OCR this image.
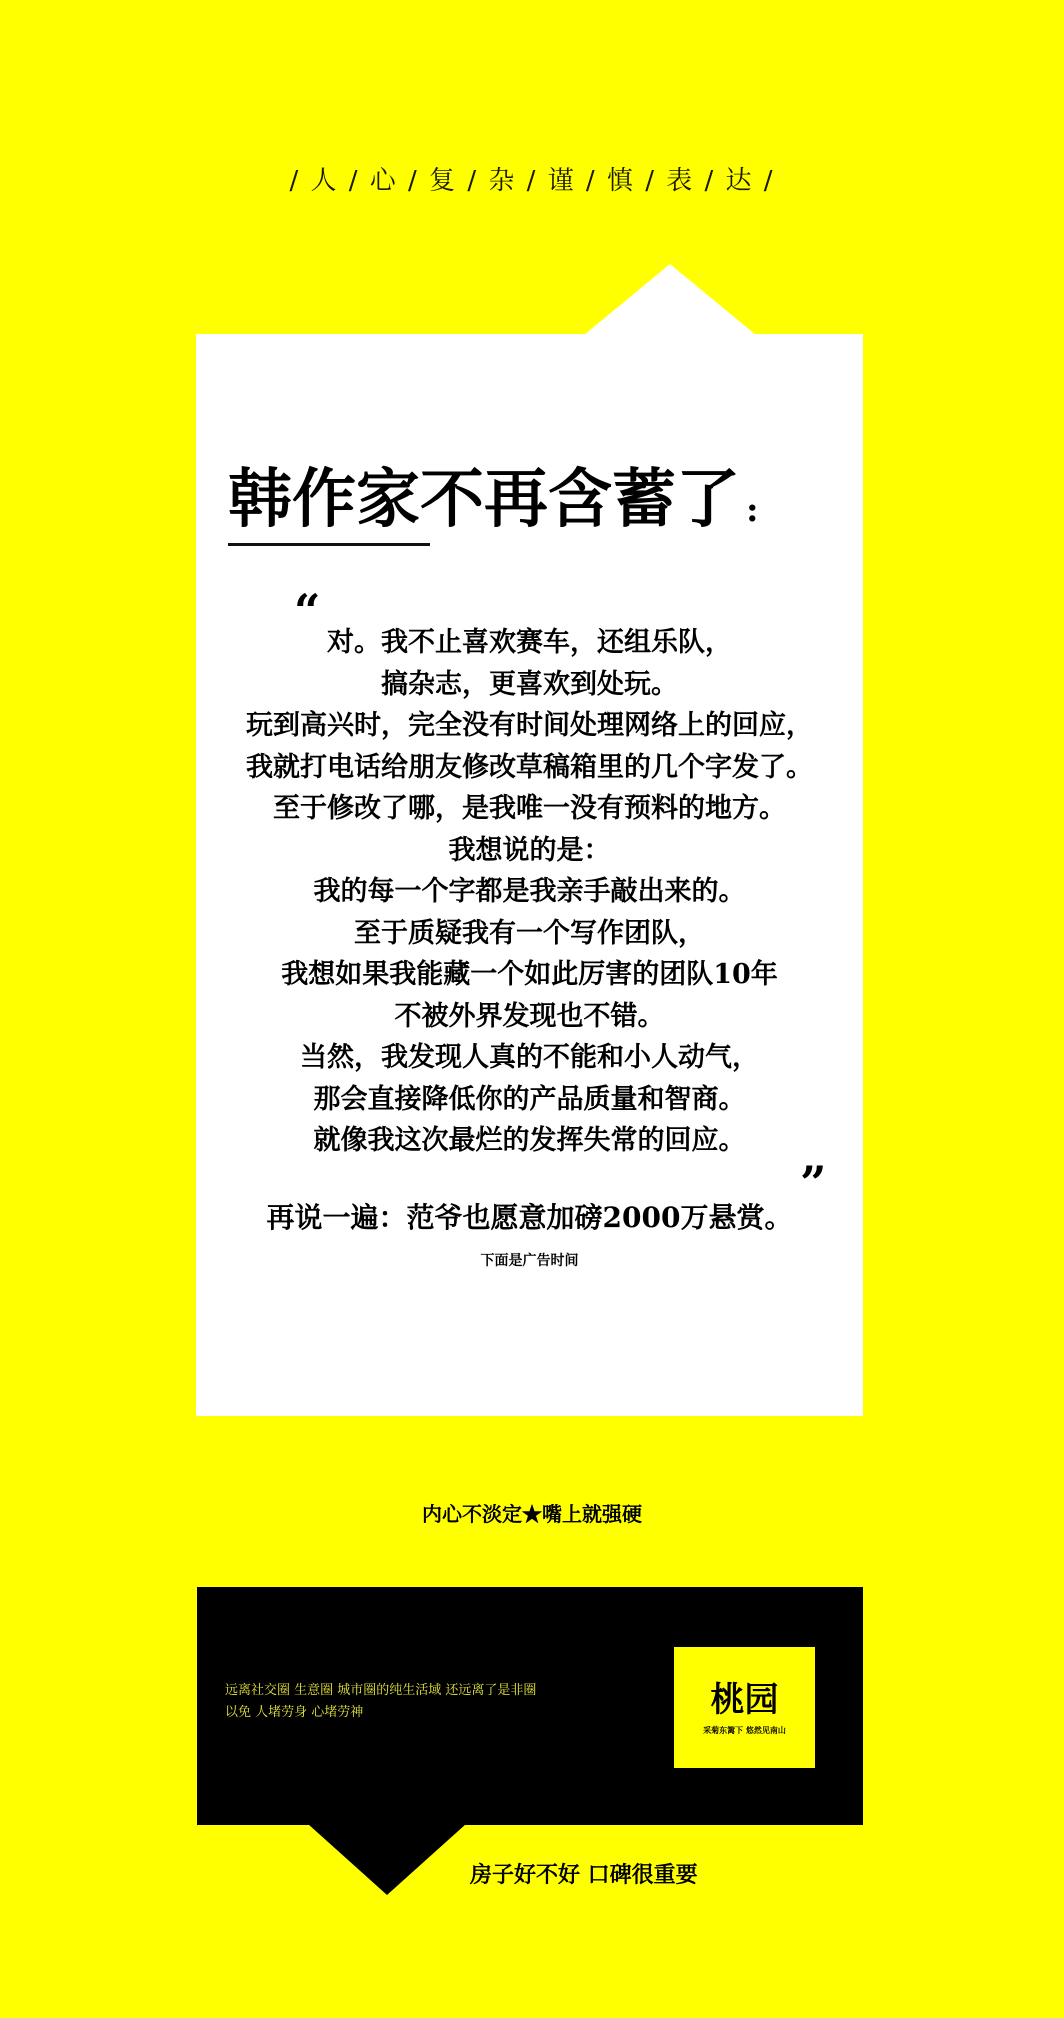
/ 人 / 心 / 复 / 杂 / 谨 / 慎 / 表 / 达 /
韩作家不再含蓄了 :
“
对。我不止喜欢赛车，还组乐队，
搞杂志，更喜欢到处玩。
玩到高兴时，完全没有时间处理网络上的回应，
我就打电话给朋友修改草稿箱里的几个字发了。
至于修改了哪，是我唯一没有预料的地方。
我想说的是：
我的每一个字都是我亲手敲出来的。
至于质疑我有一个写作团队，
我想如果我能藏一个如此厉害的团队10年
不被外界发现也不错。
当然，我发现人真的不能和小人动气，
那会直接降低你的产品质量和智商。
就像我这次最烂的发挥失常的回应。
”
再说一遍：范爷也愿意加磅2000万悬赏。
下面是广告时间
内心不淡定★嘴上就强硬
远离社交圈 生意圈 城市圈的纯生活域 还远离了是非圈
以免 人堵劳身 心堵劳神	桃园
采菊东篱下 悠然见南山
房子好不好 口碑很重要
